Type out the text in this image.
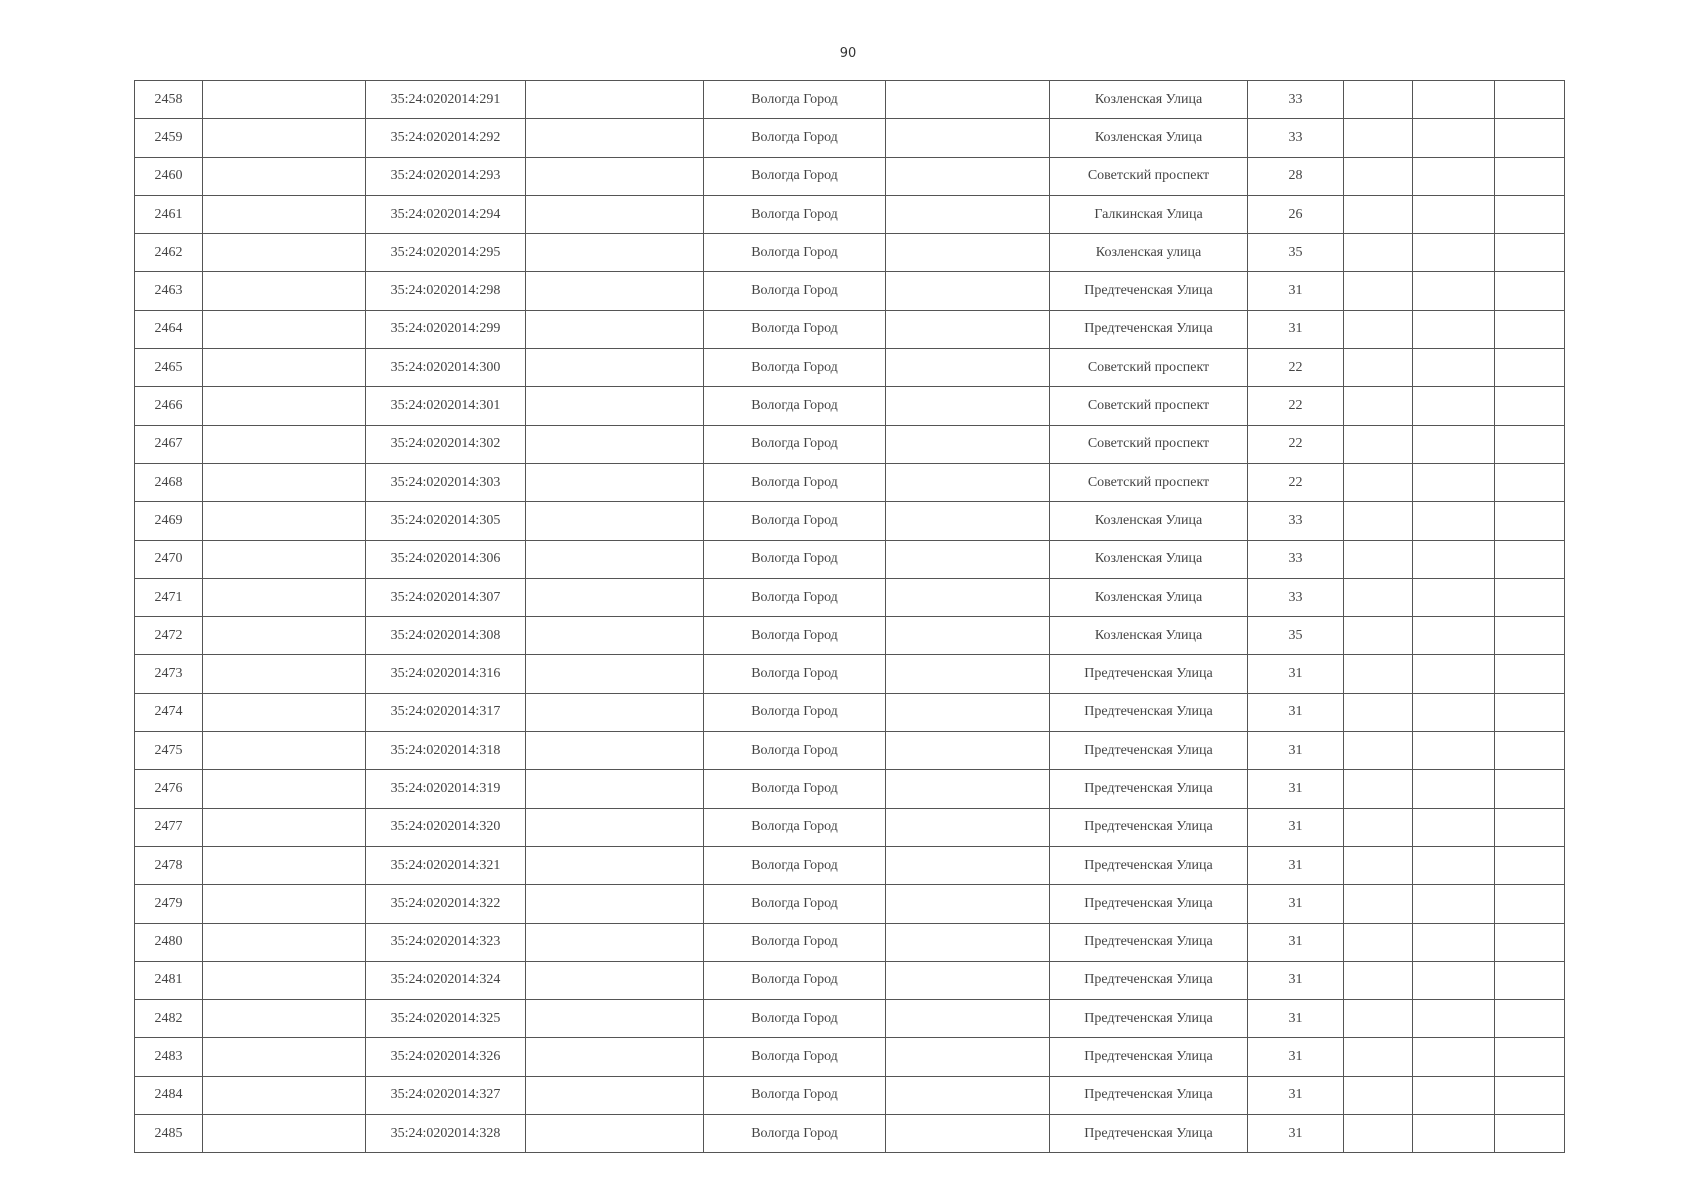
90
2458		35:24:0202014:291		Вологда Город		Козленская Улица	33			
2459		35:24:0202014:292		Вологда Город		Козленская Улица	33			
2460		35:24:0202014:293		Вологда Город		Советский проспект	28			
2461		35:24:0202014:294		Вологда Город		Галкинская Улица	26			
2462		35:24:0202014:295		Вологда Город		Козленская улица	35			
2463		35:24:0202014:298		Вологда Город		Предтеченская Улица	31			
2464		35:24:0202014:299		Вологда Город		Предтеченская Улица	31			
2465		35:24:0202014:300		Вологда Город		Советский проспект	22			
2466		35:24:0202014:301		Вологда Город		Советский проспект	22			
2467		35:24:0202014:302		Вологда Город		Советский проспект	22			
2468		35:24:0202014:303		Вологда Город		Советский проспект	22			
2469		35:24:0202014:305		Вологда Город		Козленская Улица	33			
2470		35:24:0202014:306		Вологда Город		Козленская Улица	33			
2471		35:24:0202014:307		Вологда Город		Козленская Улица	33			
2472		35:24:0202014:308		Вологда Город		Козленская Улица	35			
2473		35:24:0202014:316		Вологда Город		Предтеченская Улица	31			
2474		35:24:0202014:317		Вологда Город		Предтеченская Улица	31			
2475		35:24:0202014:318		Вологда Город		Предтеченская Улица	31			
2476		35:24:0202014:319		Вологда Город		Предтеченская Улица	31			
2477		35:24:0202014:320		Вологда Город		Предтеченская Улица	31			
2478		35:24:0202014:321		Вологда Город		Предтеченская Улица	31			
2479		35:24:0202014:322		Вологда Город		Предтеченская Улица	31			
2480		35:24:0202014:323		Вологда Город		Предтеченская Улица	31			
2481		35:24:0202014:324		Вологда Город		Предтеченская Улица	31			
2482		35:24:0202014:325		Вологда Город		Предтеченская Улица	31			
2483		35:24:0202014:326		Вологда Город		Предтеченская Улица	31			
2484		35:24:0202014:327		Вологда Город		Предтеченская Улица	31			
2485		35:24:0202014:328		Вологда Город		Предтеченская Улица	31			
